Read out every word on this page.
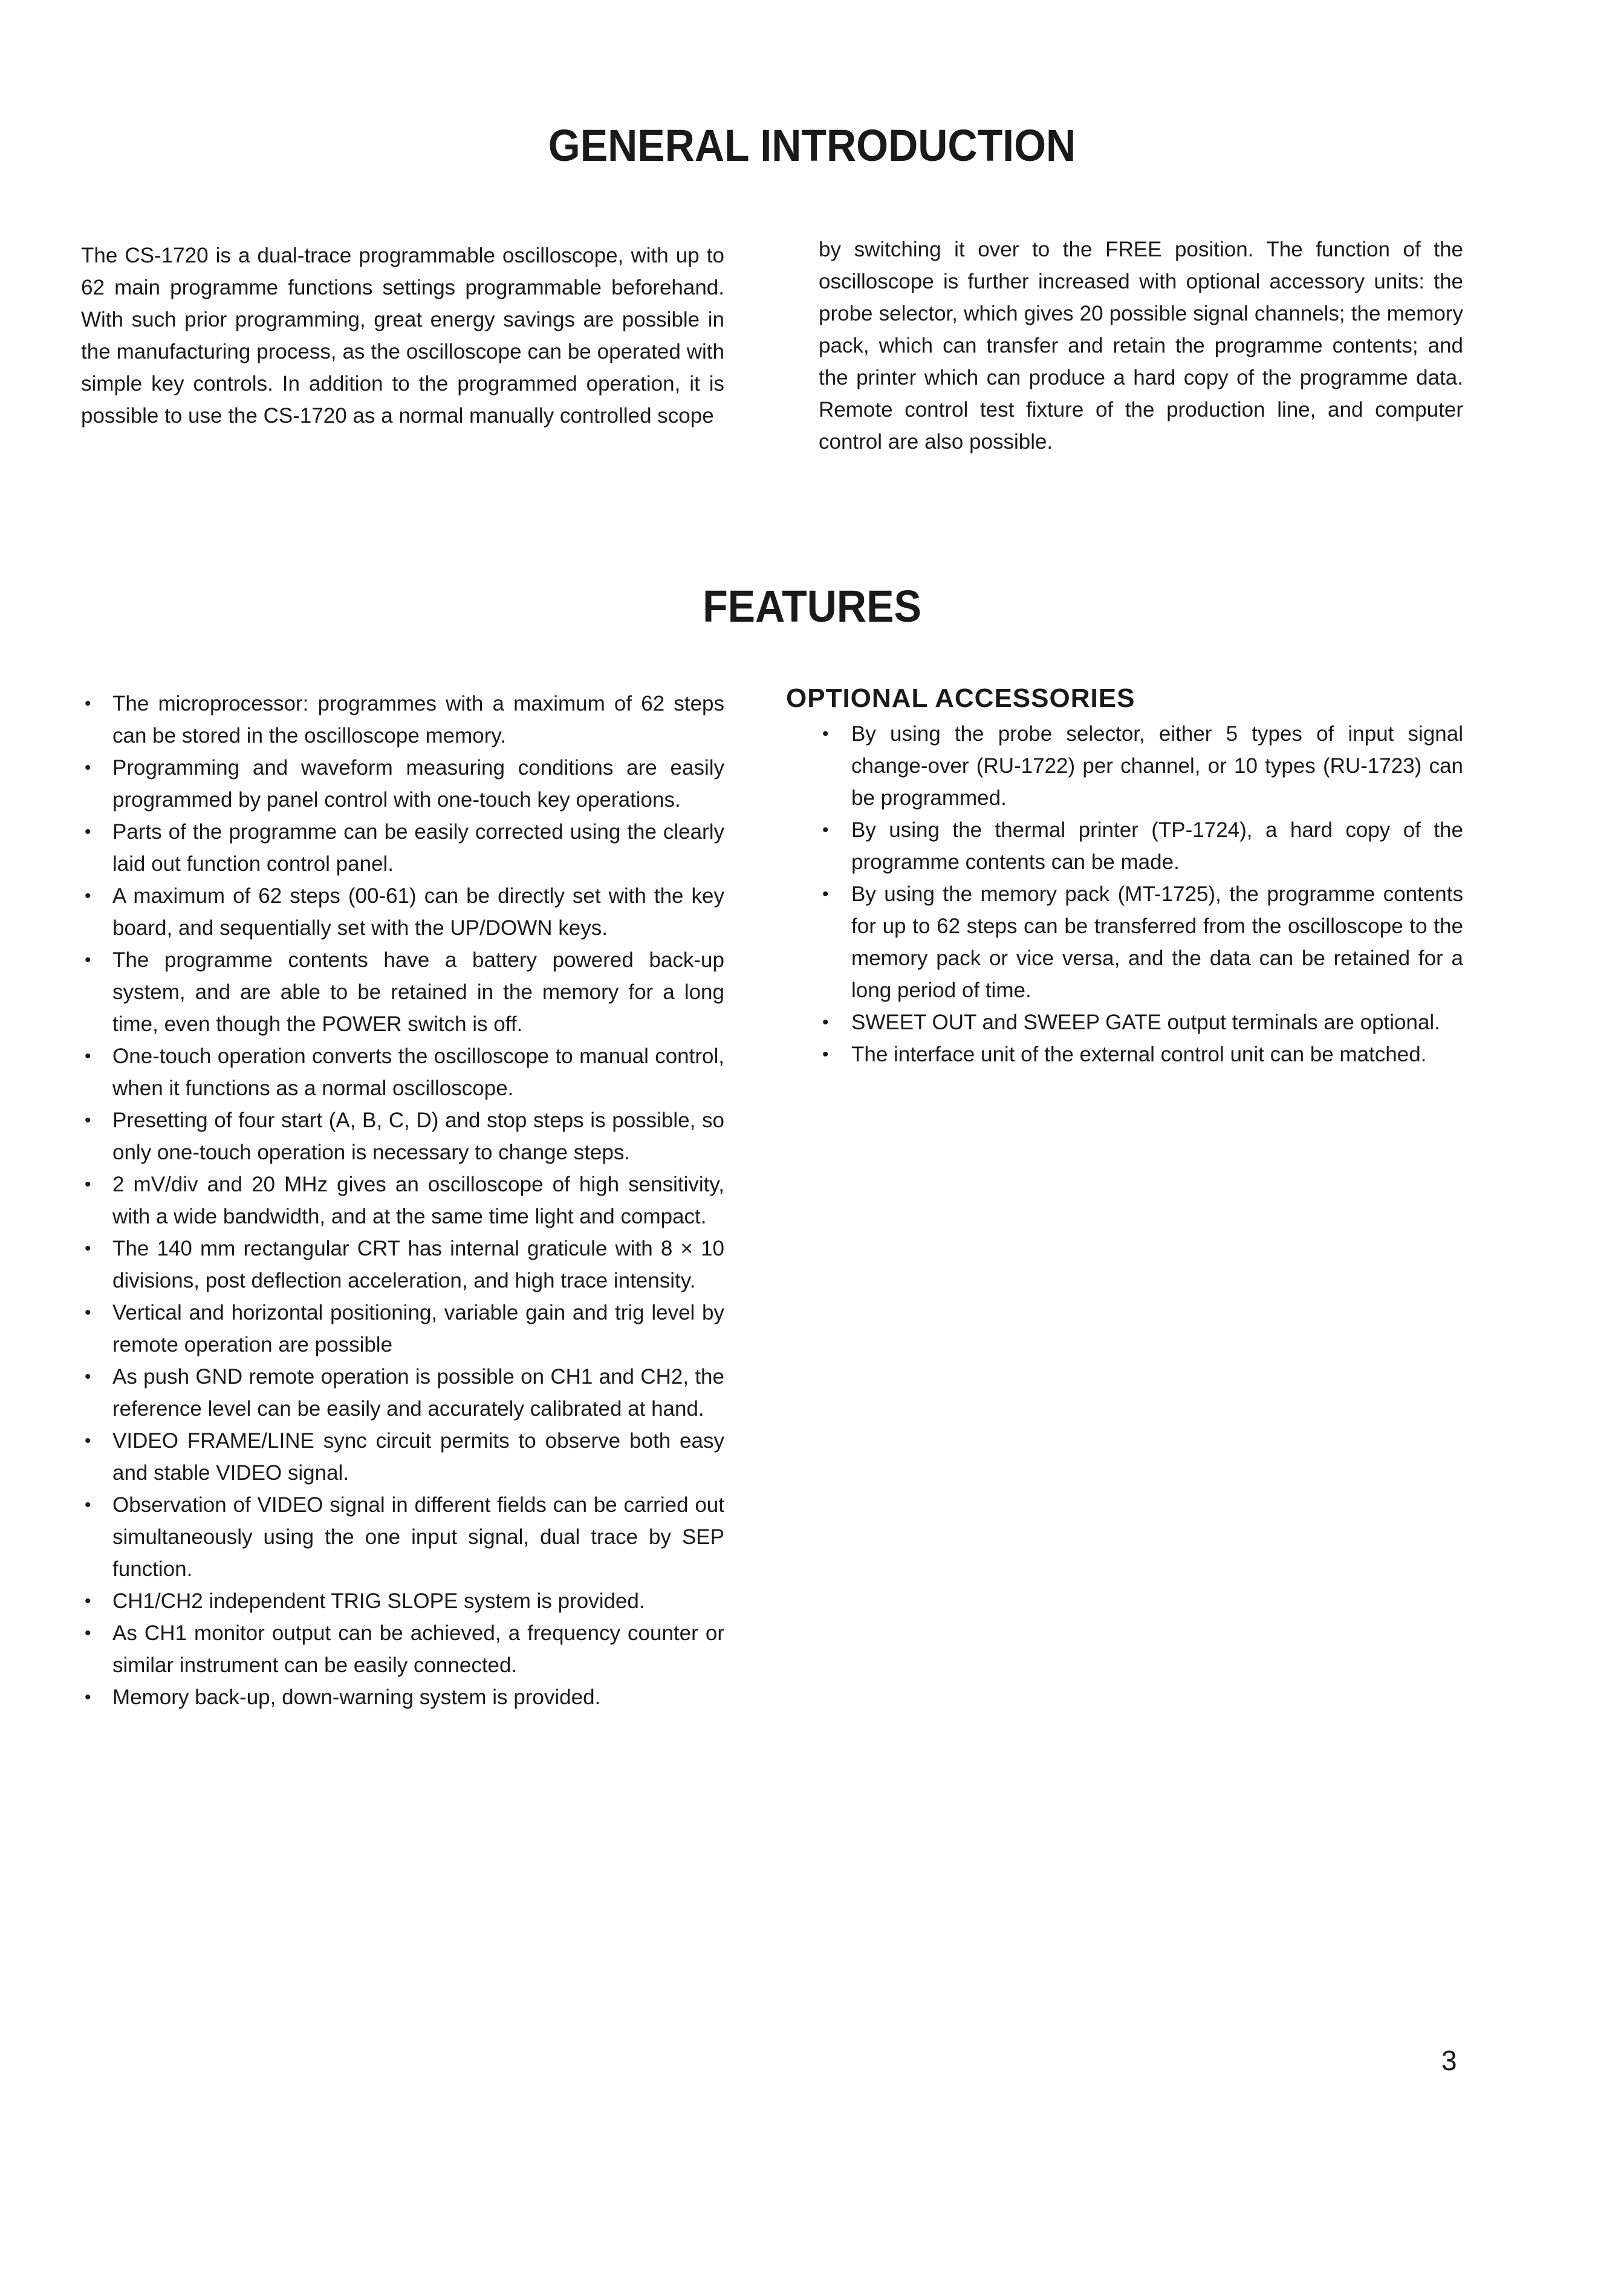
GENERAL INTRODUCTION

The CS-1720 is a dual-trace programmable oscilloscope, with up to 62 main programme functions settings programmable beforehand. With such prior programming, great energy savings are possible in the manufacturing process, as the oscilloscope can be operated with simple key controls. In addition to the programmed operation, it is possible to use the CS-1720 as a normal manually controlled scope

by switching it over to the FREE position. The function of the oscilloscope is further increased with optional accessory units: the probe selector, which gives 20 possible signal channels; the memory pack, which can transfer and retain the programme contents; and the printer which can produce a hard copy of the programme data. Remote control test fixture of the production line, and computer control are also possible.

FEATURES
• The microprocessor: programmes with a maximum of 62 steps can be stored in the oscilloscope memory.
• Programming and waveform measuring conditions are easily programmed by panel control with one-touch key operations.
• Parts of the programme can be easily corrected using the clearly laid out function control panel.
• A maximum of 62 steps (00-61) can be directly set with the key board, and sequentially set with the UP/DOWN keys.
• The programme contents have a battery powered back-up system, and are able to be retained in the memory for a long time, even though the POWER switch is off.
• One-touch operation converts the oscilloscope to manual control, when it functions as a normal oscilloscope.
• Presetting of four start (A, B, C, D) and stop steps is possible, so only one-touch operation is necessary to change steps.
• 2 mV/div and 20 MHz gives an oscilloscope of high sensitivity, with a wide bandwidth, and at the same time light and compact.
• The 140 mm rectangular CRT has internal graticule with 8 × 10 divisions, post deflection acceleration, and high trace intensity.
• Vertical and horizontal positioning, variable gain and trig level by remote operation are possible
• As push GND remote operation is possible on CH1 and CH2, the reference level can be easily and accurately calibrated at hand.
• VIDEO FRAME/LINE sync circuit permits to observe both easy and stable VIDEO signal.
• Observation of VIDEO signal in different fields can be carried out simultaneously using the one input signal, dual trace by SEP function.
• CH1/CH2 independent TRIG SLOPE system is provided.
• As CH1 monitor output can be achieved, a frequency counter or similar instrument can be easily connected.
• Memory back-up, down-warning system is provided.
OPTIONAL ACCESSORIES
• By using the probe selector, either 5 types of input signal change-over (RU-1722) per channel, or 10 types (RU-1723) can be programmed.
• By using the thermal printer (TP-1724), a hard copy of the programme contents can be made.
• By using the memory pack (MT-1725), the programme contents for up to 62 steps can be transferred from the oscilloscope to the memory pack or vice versa, and the data can be retained for a long period of time.
• SWEET OUT and SWEEP GATE output terminals are optional.
• The interface unit of the external control unit can be matched.
3
